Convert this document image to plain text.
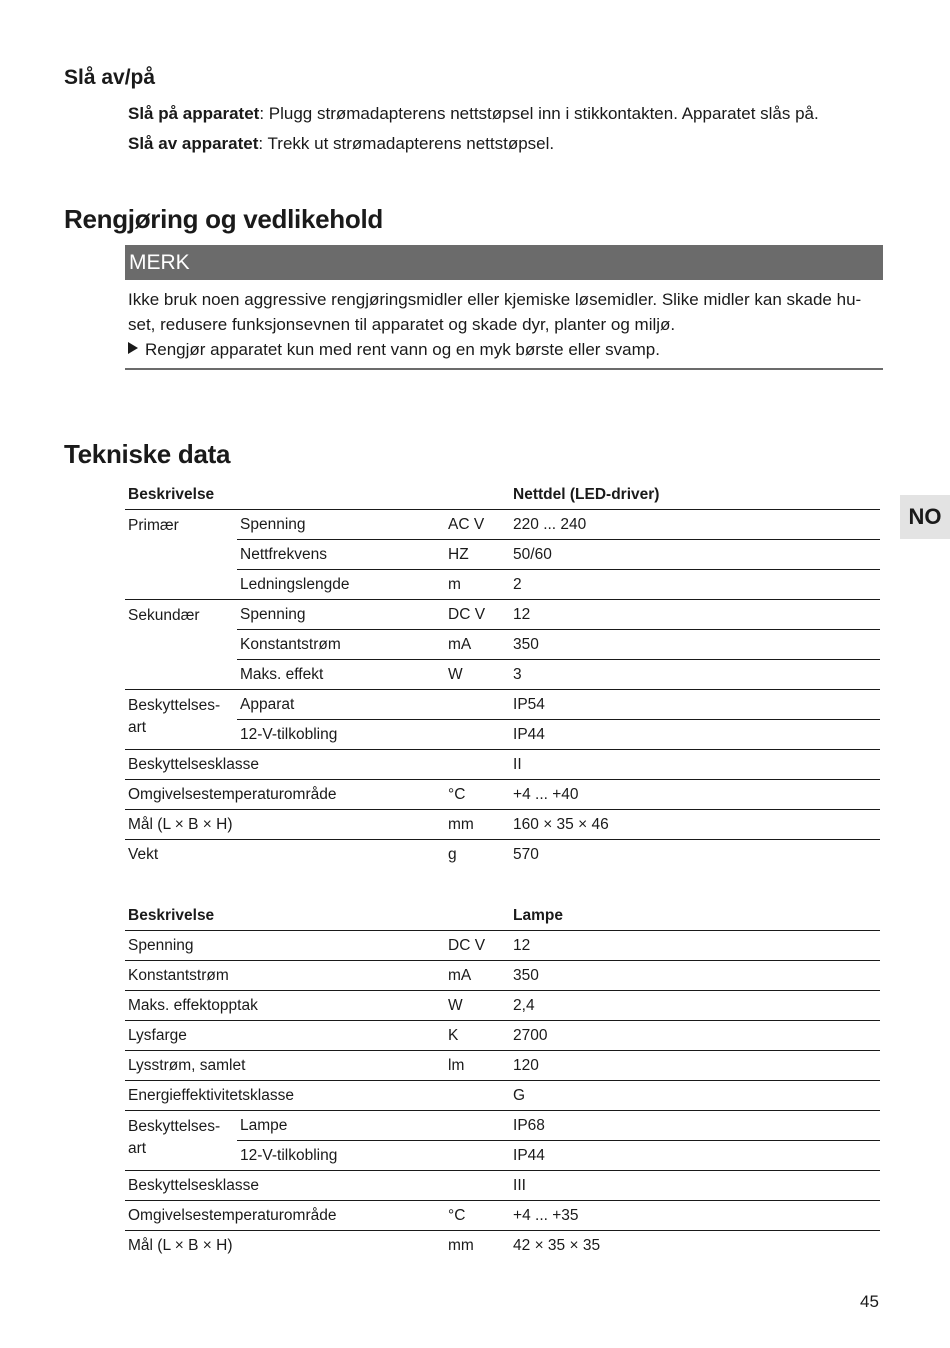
Slå av/på

Slå på apparatet: Plugg strømadapterens nettstøpsel inn i stikkontakten. Apparatet slås på.

Slå av apparatet: Trekk ut strømadapterens nettstøpsel.

Rengjøring og vedlikehold
MERK

Ikke bruk noen aggressive rengjøringsmidler eller kjemiske løsemidler. Slike midler kan skade hu-

set, redusere funksjonsevnen til apparatet og skade dyr, planter og miljø.

Rengjør apparatet kun med rent vann og en myk børste eller svamp.
Tekniske data
NO
Beskrivelse			Nettdel (LED-driver)
Primær	Spenning	AC V	220 ... 240
	Nettfrekvens	HZ	50/60
	Ledningslengde	m	2
Sekundær	Spenning	DC V	12
	Konstantstrøm	mA	350
	Maks. effekt	W	3
Beskyttelses-art	Apparat		IP54
	12-V-tilkobling		IP44
Beskyttelsesklasse			II
Omgivelsestemperaturområde		°C	+4 ... +40
Mål (L × B × H)		mm	160 × 35 × 46
Vekt		g	570
Beskrivelse			Lampe
Spenning		DC V	12
Konstantstrøm		mA	350
Maks. effektopptak		W	2,4
Lysfarge		K	2700
Lysstrøm, samlet		lm	120
Energieffektivitetsklasse			G
Beskyttelses-art	Lampe		IP68
	12-V-tilkobling		IP44
Beskyttelsesklasse			III
Omgivelsestemperaturområde		°C	+4 ... +35
Mål (L × B × H)		mm	42 × 35 × 35
45
